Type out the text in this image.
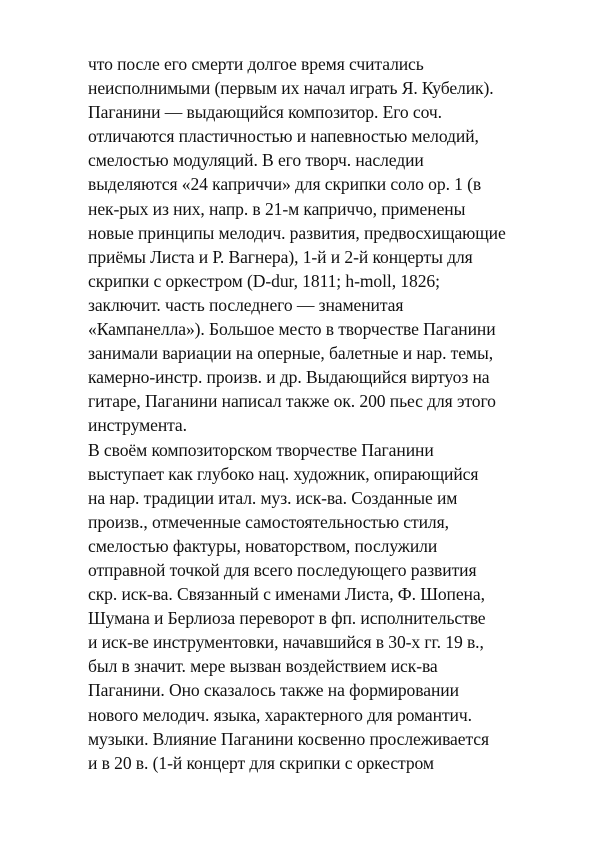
что после его смерти долгое время считались
неисполнимыми (первым их начал играть Я. Кубелик).
Паганини — выдающийся композитор. Его соч.
отличаются пластичностью и напевностью мелодий,
смелостью модуляций. В его творч. наследии
выделяются «24 каприччи» для скрипки соло ор. 1 (в
нек-рых из них, напр. в 21-м каприччо, применены
новые принципы мелодич. развития, предвосхищающие
приёмы Листа и Р. Вагнера), 1-й и 2-й концерты для
скрипки с оркестром (D-dur, 1811; h-moll, 1826;
заключит. часть последнего — знаменитая
«Кампанелла»). Большое место в творчестве Паганини
занимали вариации на оперные, балетные и нар. темы,
камерно-инстр. произв. и др. Выдающийся виртуоз на
гитаре, Паганини написал также ок. 200 пьес для этого
инструмента.
В своём композиторском творчестве Паганини
выступает как глубоко нац. художник, опирающийся
на нар. традиции итал. муз. иск-ва. Созданные им
произв., отмеченные самостоятельностью стиля,
смелостью фактуры, новаторством, послужили
отправной точкой для всего последующего развития
скр. иск-ва. Связанный с именами Листа, Ф. Шопена,
Шумана и Берлиоза переворот в фп. исполнительстве
и иск-ве инструментовки, начавшийся в 30-х гг. 19 в.,
был в значит. мере вызван воздействием иск-ва
Паганини. Оно сказалось также на формировании
нового мелодич. языка, характерного для романтич.
музыки. Влияние Паганини косвенно прослеживается
и в 20 в. (1-й концерт для скрипки с оркестром
